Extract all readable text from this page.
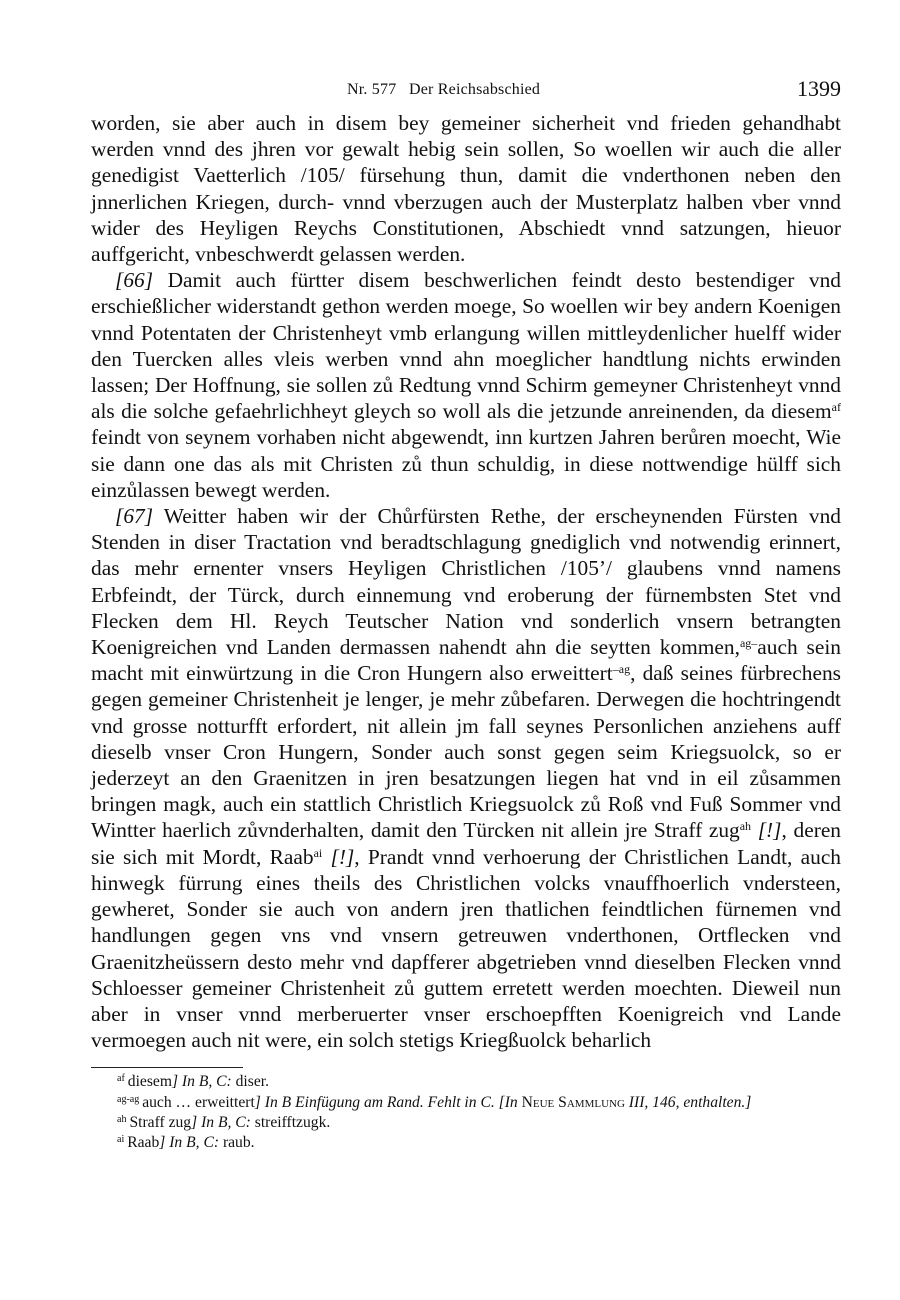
Nr. 577   Der Reichsabschied	1399

worden, sie aber auch in disem bey gemeiner sicherheit vnd frieden gehandhabt werden vnnd des jhren vor gewalt hebig sein sollen, So woellen wir auch die aller genedigist Vaetterlich /105/ fürsehung thun, damit die vnderthonen neben den jnnerlichen Kriegen, durch- vnnd vberzugen auch der Musterplatz halben vber vnnd wider des Heyligen Reychs Constitutionen, Abschiedt vnnd satzungen, hieuor auffgericht, vnbeschwerdt gelassen werden.

[66] Damit auch fürtter disem beschwerlichen feindt desto bestendiger vnd erschießlicher widerstandt gethon werden moege, So woellen wir bey andern Koenigen vnnd Potentaten der Christenheyt vmb erlangung willen mittleydenlicher huelff wider den Tuercken alles vleis werben vnnd ahn moeglicher handtlung nichts erwinden lassen; Der Hoffnung, sie sollen zů Redtung vnnd Schirm gemeyner Christenheyt vnnd als die solche gefaehrlichheyt gleych so woll als die jetzunde anreinenden, da diesem$^{af}$ feindt von seynem vorhaben nicht abgewendt, inn kurtzen Jahren berůren moecht, Wie sie dann one das als mit Christen zů thun schuldig, in diese nottwendige hülff sich einzůlassen bewegt werden.

[67] Weitter haben wir der Chůrfürsten Rethe, der erscheynenden Fürsten vnd Stenden in diser Tractation vnd beradtschlagung gnediglich vnd notwendig erinnert, das mehr ernenter vnsers Heyligen Christlichen /105’/ glaubens vnnd namens Erbfeindt, der Türck, durch einnemung vnd eroberung der fürnembsten Stet vnd Flecken dem Hl. Reych Teutscher Nation vnd sonderlich vnsern betrangten Koenigreichen vnd Landen dermassen nahendt ahn die seytten kommen,$^{ag-}$auch sein macht mit einwürtzung in die Cron Hungern also erweittert$^{-ag}$, daß seines fürbrechens gegen gemeiner Christenheit je lenger, je mehr zůbefaren. Derwegen die hochtringendt vnd grosse notturfft erfordert, nit allein jm fall seynes Personlichen anziehens auff dieselb vnser Cron Hungern, Sonder auch sonst gegen seim Kriegsuolck, so er jederzeyt an den Graenitzen in jren besatzungen liegen hat vnd in eil zůsammen bringen magk, auch ein stattlich Christlich Kriegsuolck zů Roß vnd Fuß Sommer vnd Wintter haerlich zůvnderhalten, damit den Türcken nit allein jre Straff zug$^{ah}$ [!], deren sie sich mit Mordt, Raab$^{ai}$ [!], Prandt vnnd verhoerung der Christlichen Landt, auch hinwegk fürrung eines theils des Christlichen volcks vnauffhoerlich vndersteen, gewheret, Sonder sie auch von andern jren thatlichen feindtlichen fürnemen vnd handlungen gegen vns vnd vnsern getreuwen vnderthonen, Ortflecken vnd Graenitzheüssern desto mehr vnd dapfferer abgetrieben vnnd dieselben Flecken vnnd Schloesser gemeiner Christenheit zů guttem erretett werden moechten. Dieweil nun aber in vnser vnnd merberuerter vnser erschoepfften Koenigreich vnd Lande vermoegen auch nit were, ein solch stetigs Kriegßuolck beharlich

$^{af}$ diesem] In B, C: diser.

$^{ag-ag}$ auch … erweittert] In B Einfügung am Rand. Fehlt in C. [In Neue Sammlung III, 146, enthalten.]

$^{ah}$ Straff zug] In B, C: streifftzugk.

$^{ai}$ Raab] In B, C: raub.
